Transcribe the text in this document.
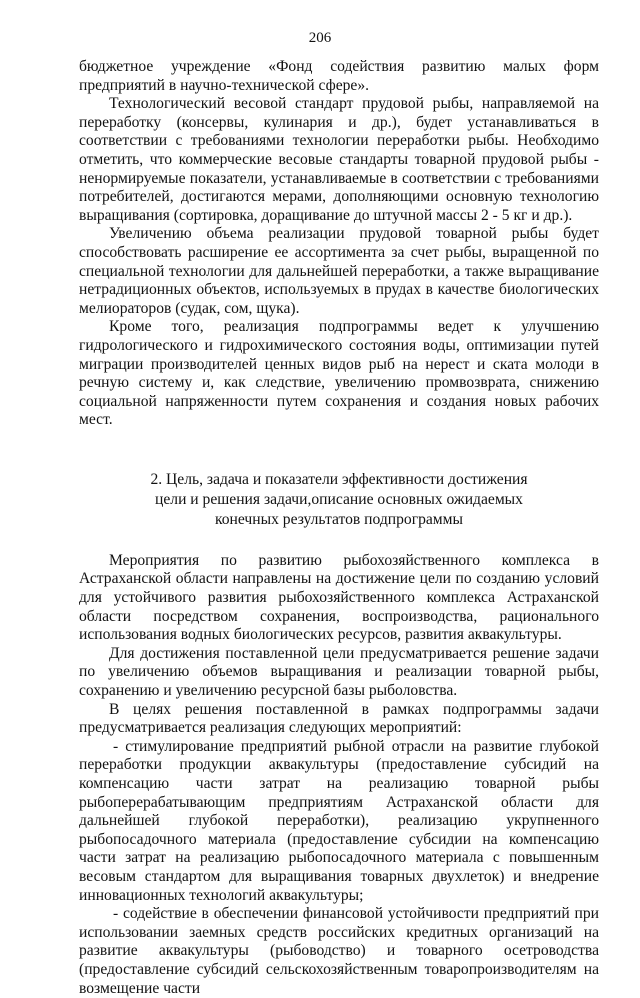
206

бюджетное учреждение «Фонд содействия развитию малых форм предприятий в научно-технической сфере».

Технологический весовой стандарт прудовой рыбы, направляемой на переработку (консервы, кулинария и др.), будет устанавливаться в соответствии с требованиями технологии переработки рыбы. Необходимо отметить, что коммерческие весовые стандарты товарной прудовой рыбы - ненормируемые показатели, устанавливаемые в соответствии с требованиями потребителей, достигаются мерами, дополняющими основную технологию выращивания (сортировка, доращивание до штучной массы 2 - 5 кг и др.).

Увеличению объема реализации прудовой товарной рыбы будет способствовать расширение ее ассортимента за счет рыбы, выращенной по специальной технологии для дальнейшей переработки, а также выращивание нетрадиционных объектов, используемых в прудах в качестве биологических мелиораторов (судак, сом, щука).

Кроме того, реализация подпрограммы ведет к улучшению гидрологического и гидрохимического состояния воды, оптимизации путей миграции производителей ценных видов рыб на нерест и ската молоди в речную систему и, как следствие, увеличению промвозврата, снижению социальной напряженности путем сохранения и создания новых рабочих мест.

2. Цель, задача и показатели эффективности достижения
цели и решения задачи,описание основных ожидаемых
конечных результатов подпрограммы

Мероприятия по развитию рыбохозяйственного комплекса в Астраханской области направлены на достижение цели по созданию условий для устойчивого развития рыбохозяйственного комплекса Астраханской области посредством сохранения, воспроизводства, рационального использования водных биологических ресурсов, развития аквакультуры.

Для достижения поставленной цели предусматривается решение задачи по увеличению объемов выращивания и реализации товарной рыбы, сохранению и увеличению ресурсной базы рыболовства.

В целях решения поставленной в рамках подпрограммы задачи предусматривается реализация следующих мероприятий:

- стимулирование предприятий рыбной отрасли на развитие глубокой переработки продукции аквакультуры (предоставление субсидий на компенсацию части затрат на реализацию товарной рыбы рыбоперерабатывающим предприятиям Астраханской области для дальнейшей глубокой переработки), реализацию укрупненного рыбопосадочного материала (предоставление субсидии на компенсацию части затрат на реализацию рыбопосадочного материала с повышенным весовым стандартом для выращивания товарных двухлеток) и внедрение инновационных технологий аквакультуры;

- содействие в обеспечении финансовой устойчивости предприятий при использовании заемных средств российских кредитных организаций на развитие аквакультуры (рыбоводство) и товарного осетроводства (предоставление субсидий сельскохозяйственным товаропроизводителям на возмещение части
